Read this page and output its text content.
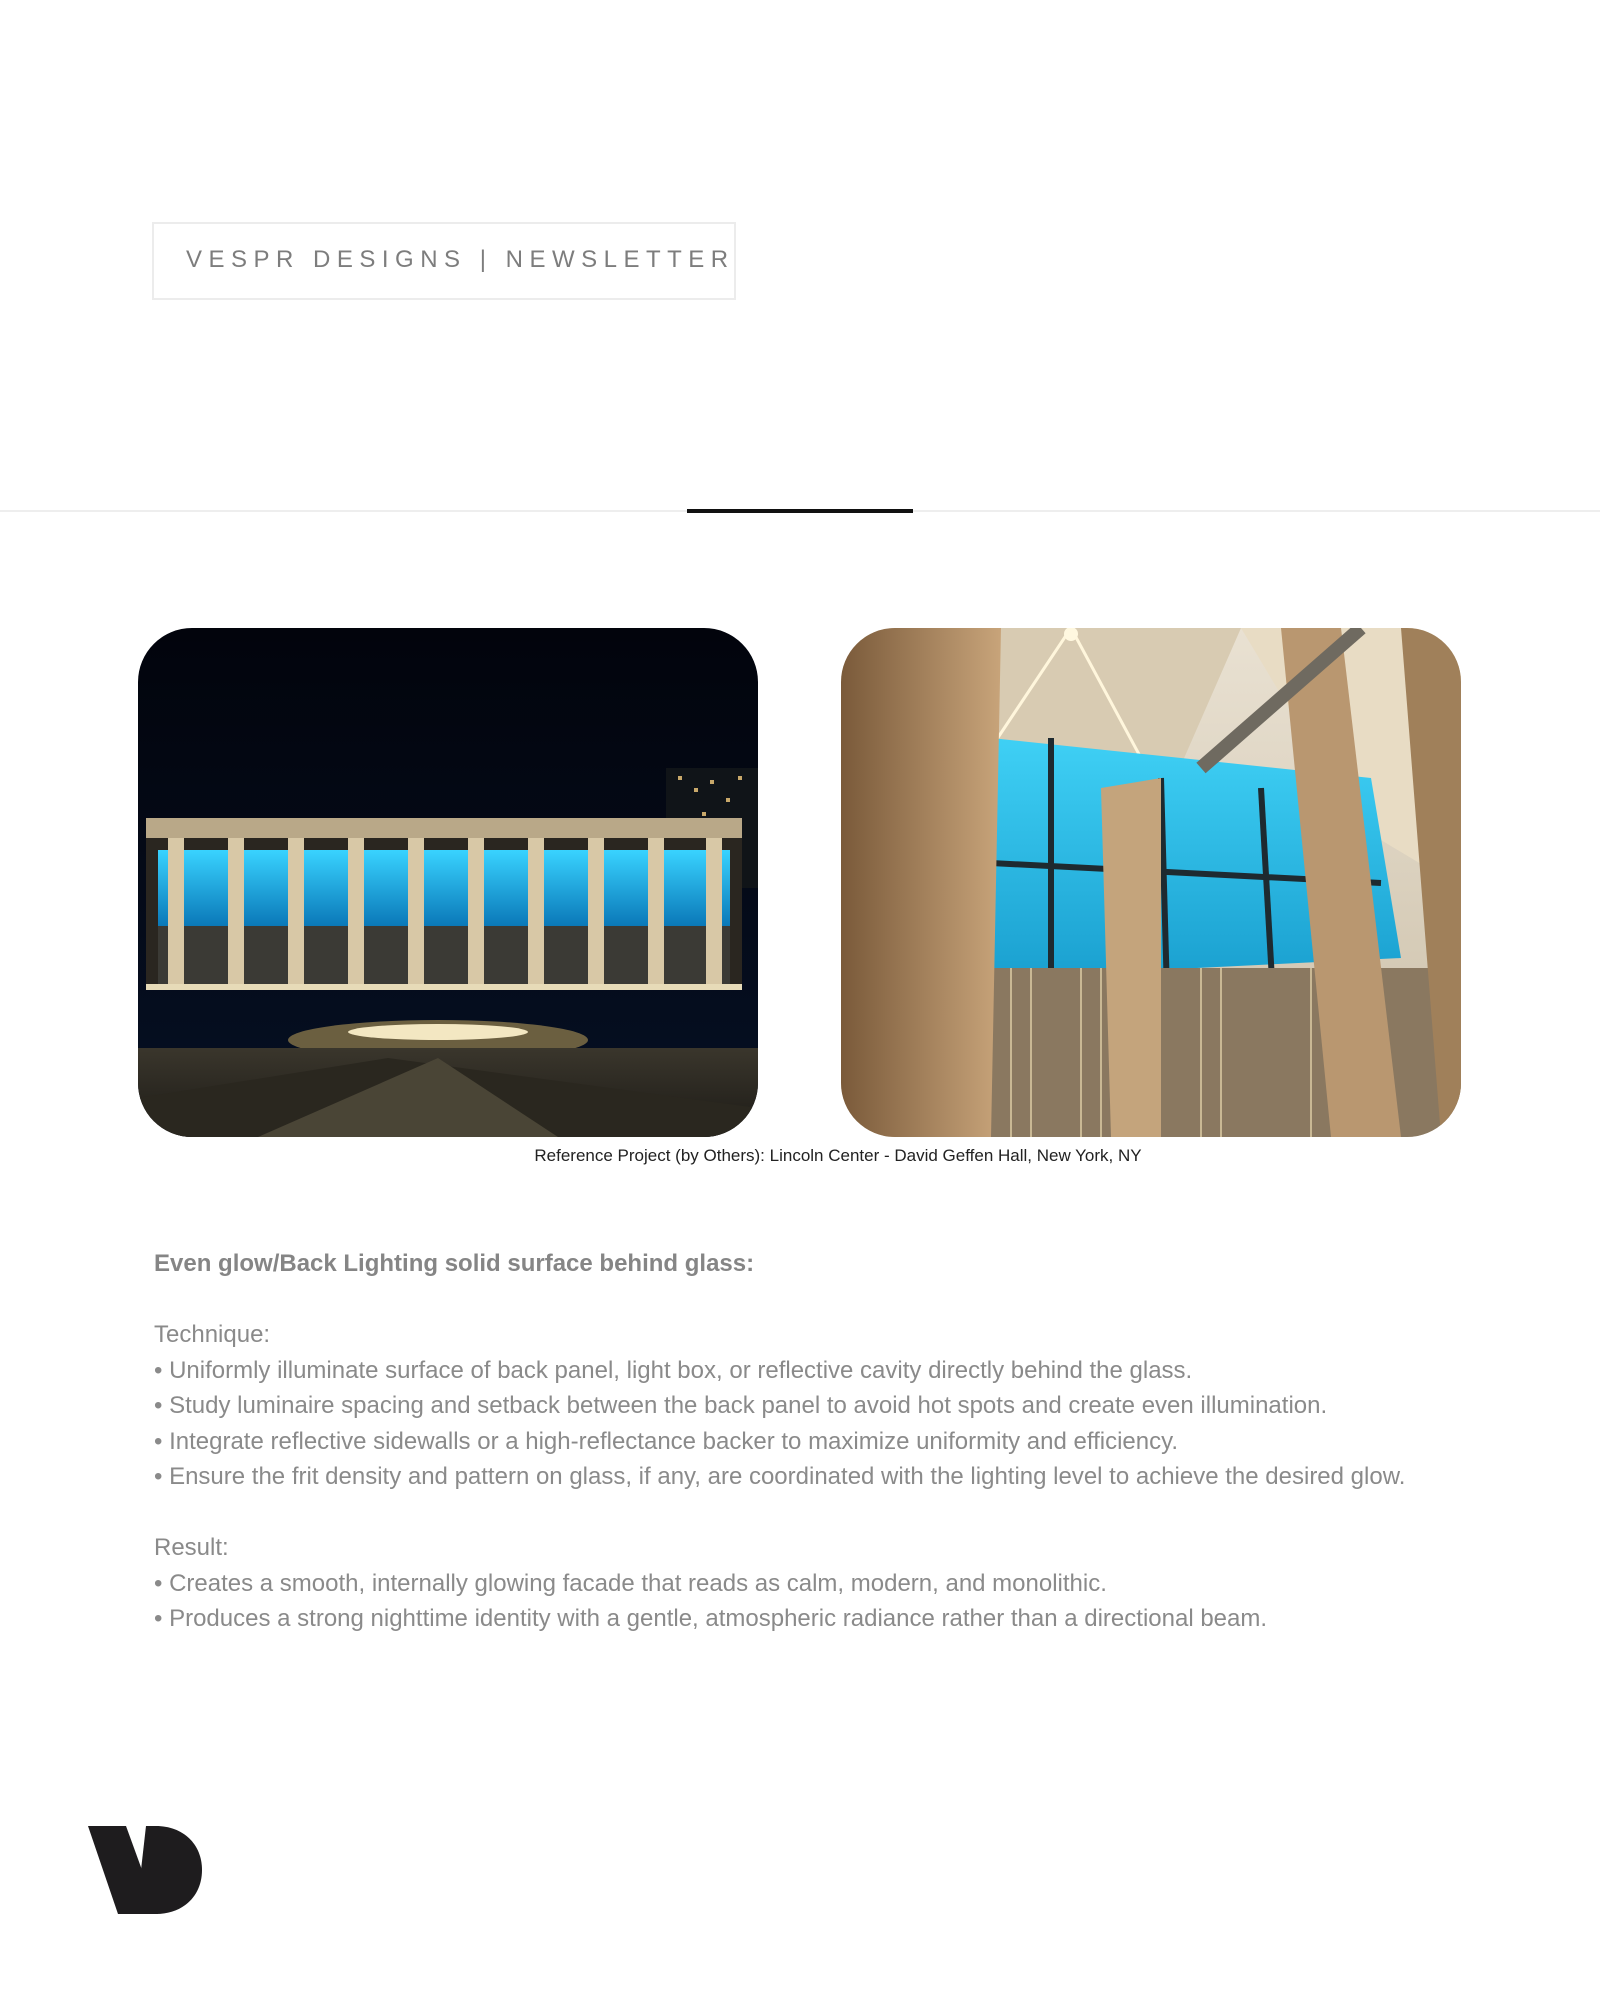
VESPR DESIGNS | NEWSLETTER
Reference Project (by Others): Lincoln Center - David Geffen Hall, New York, NY
Even glow/Back Lighting solid surface behind glass:
Technique:
• Uniformly illuminate surface of back panel, light box, or reflective cavity directly behind the glass.
• Study luminaire spacing and setback between the back panel to avoid hot spots and create even illumination.
• Integrate reflective sidewalls or a high-reflectance backer to maximize uniformity and efficiency.
• Ensure the frit density and pattern on glass, if any, are coordinated with the lighting level to achieve the desired glow.
Result:
• Creates a smooth, internally glowing facade that reads as calm, modern, and monolithic.
• Produces a strong nighttime identity with a gentle, atmospheric radiance rather than a directional beam.
